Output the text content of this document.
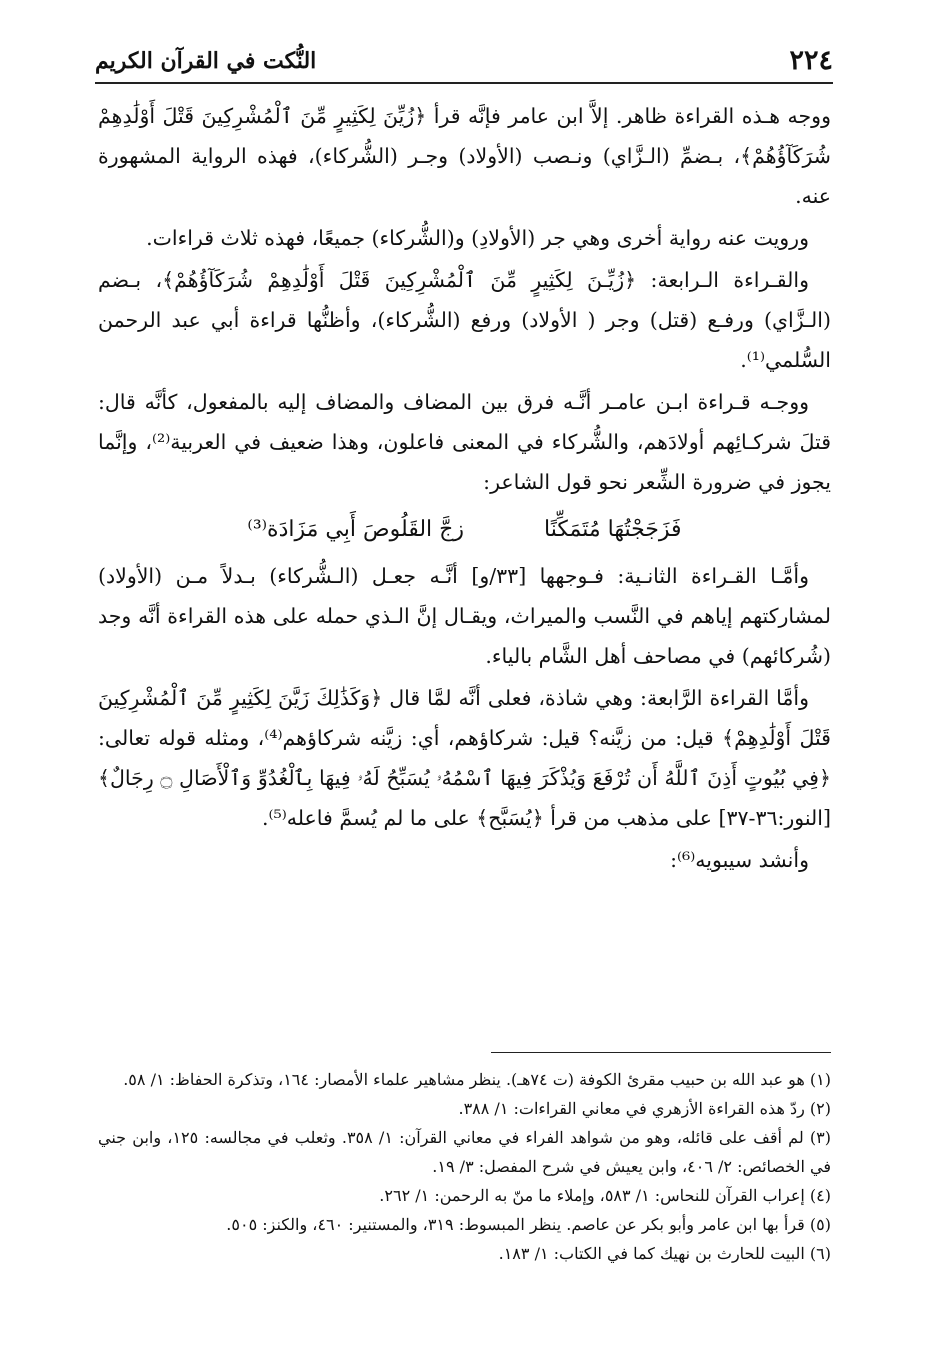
٢٢٤
النُّكت في القرآن الكريم

ووجه هـذه القراءة ظاهر. إلاَّ ابن عامر فإنَّه قرأ ﴿زُيِّنَ لِكَثِيرٍ مِّنَ ٱلْمُشْرِكِينَ قَتْلَ أَوْلَٰدِهِمْ شُرَكَآؤُهُمْ﴾، بـضمِّ (الـزَّاي) ونـصب (الأولاد) وجـر (الشُّركاء)، فهذه الرواية المشهورة عنه.

ورويت عنه رواية أخرى وهي جر (الأولادِ) و(الشُّركاء) جميعًا، فهذه ثلاث قراءات.

والقـراءة الـرابعة: ﴿زُيِّـنَ لِكَثِيرٍ مِّنَ ٱلْمُشْرِكِينَ قَتْلَ أَوْلَٰدِهِمْ شُرَكَآؤُهُمْ﴾، بـضم (الـزَّاي) ورفـع (قتل) وجر ( الأولاد) ورفع (الشُّركاء)، وأظنُّها قراءة أبي عبد الرحمن السُّلمي⁽¹⁾.

ووجـه قـراءة ابـن عامـر أنَّـه فرق بين المضاف والمضاف إليه بالمفعول، كأنَّه قال: قتلَ شركـائِهم أولادَهم، والشُّركاء في المعنى فاعلون، وهذا ضعيف في العربية⁽²⁾، وإنَّما يجوز في ضرورة الشِّعر نحو قول الشاعر:

فَزَجَجْتُهَا مُتَمَكِّنًا
زجَّ القَلُوصَ أَبِي مَزَادَة⁽³⁾

وأمَّـا القـراءة الثانـية: فـوجهها [٣٣/و] أنَّـه جعـل (الـشُّركاء) بـدلاً مـن (الأولاد) لمشاركتهم إياهم في النَّسب والميراث، ويقـال إنَّ الـذي حمله على هذه القراءة أنَّه وجد (شُركائهم) في مصاحف أهل الشَّام بالياء.

وأمَّا القراءة الرَّابعة: وهي شاذة، فعلى أنَّه لمَّا قال ﴿وَكَذَٰلِكَ زَيَّنَ لِكَثِيرٍ مِّنَ ٱلْمُشْرِكِينَ قَتْلَ أَوْلَٰدِهِمْ﴾ قيل: من زيَّنه؟ قيل: شركاؤهم، أي: زيَّنه شركاؤهم⁽⁴⁾، ومثله قوله تعالى: ﴿فِي بُيُوتٍ أَذِنَ ٱللَّهُ أَن تُرْفَعَ وَيُذْكَرَ فِيهَا ٱسْمُهُۥ يُسَبِّحُ لَهُۥ فِيهَا بِٱلْغُدُوِّ وَٱلْأَصَالِ ۝ رِجَالٌ﴾ [النور:٣٦-٣٧] على مذهب من قرأ ﴿يُسَبَّح﴾ على ما لم يُسمَّ فاعله⁽⁵⁾.

وأنشد سيبويه⁽⁶⁾:

(١) هو عبد الله بن حبيب مقرئ الكوفة (ت ٧٤هـ). ينظر مشاهير علماء الأمصار: ١٦٤، وتذكرة الحفاظ: ١/ ٥٨.

(٢) ردّ هذه القراءة الأزهري في معاني القراءات: ١/ ٣٨٨.

(٣) لم أقف على قائله، وهو من شواهد الفراء في معاني القرآن: ١/ ٣٥٨. وثعلب في مجالسه: ١٢٥، وابن جني في الخصائص: ٢/ ٤٠٦، وابن يعيش في شرح المفصل: ٣/ ١٩.

(٤) إعراب القرآن للنحاس: ١/ ٥٨٣، وإملاء ما منّ به الرحمن: ١/ ٢٦٢.

(٥) قرأ بها ابن عامر وأبو بكر عن عاصم. ينظر المبسوط: ٣١٩، والمستنير: ٤٦٠، والكنز: ٥٠٥.

(٦) البيت للحارث بن نهيك كما في الكتاب: ١/ ١٨٣.
